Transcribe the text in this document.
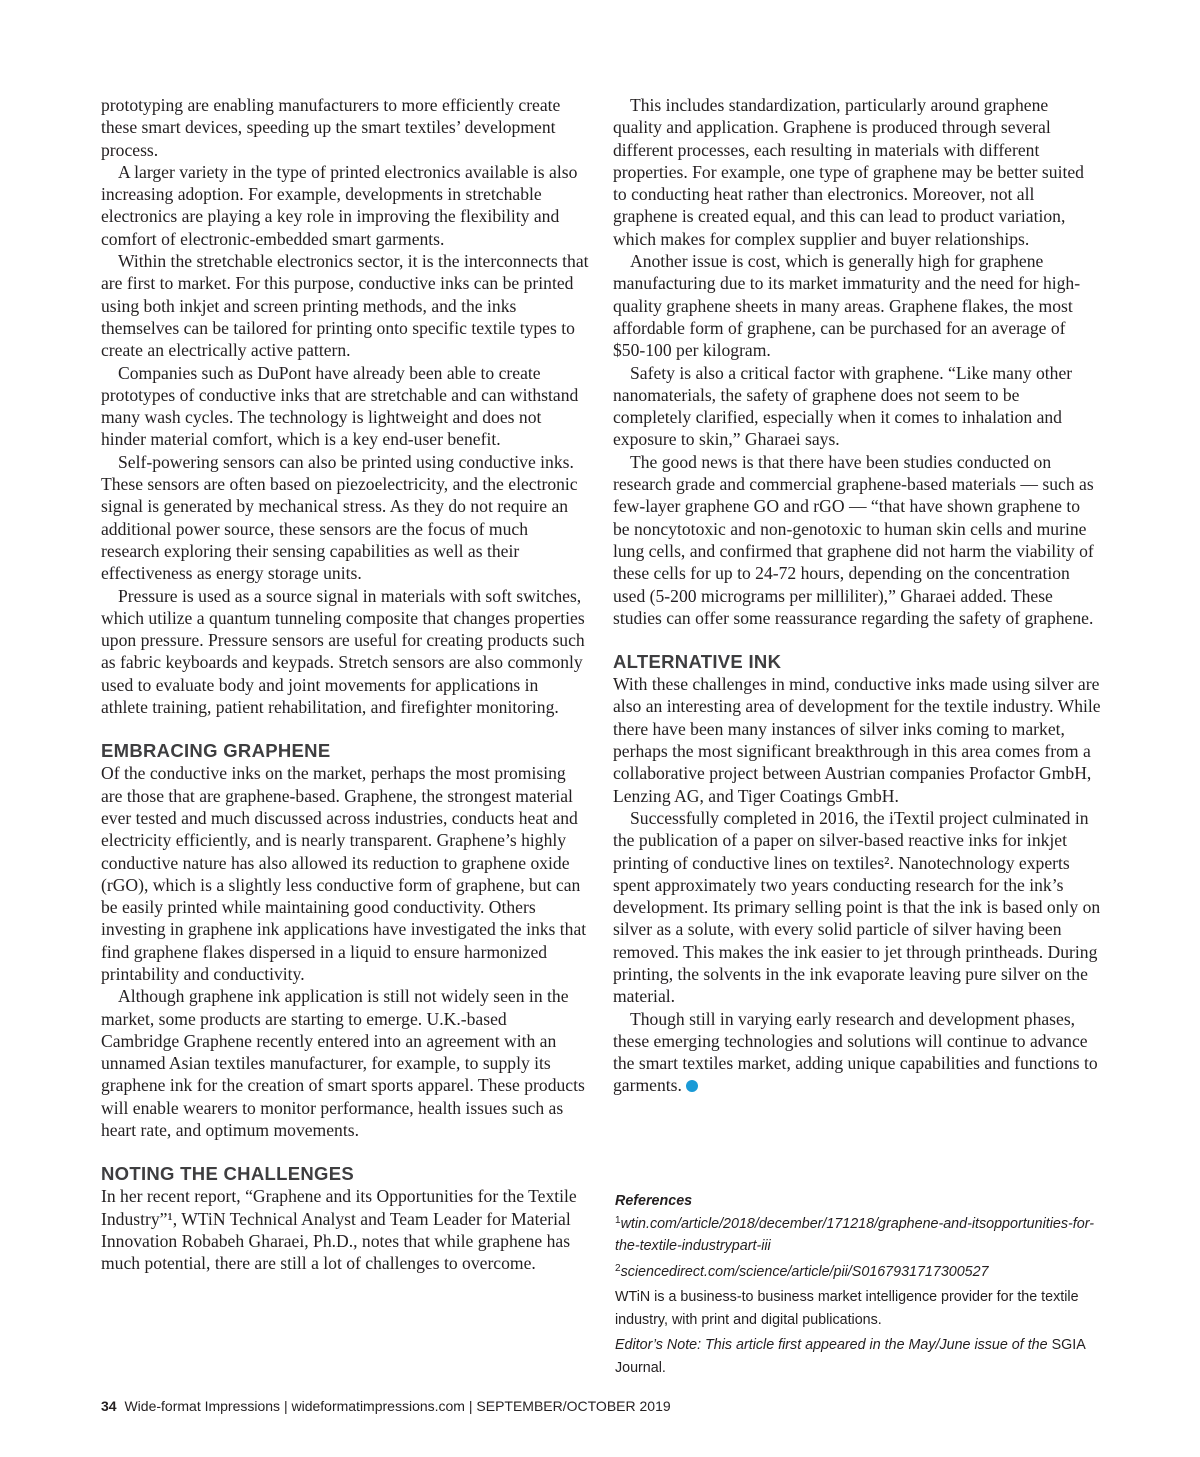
prototyping are enabling manufacturers to more efficiently create these smart devices, speeding up the smart textiles’ development process.

A larger variety in the type of printed electronics available is also increasing adoption. For example, developments in stretchable electronics are playing a key role in improving the flexibility and comfort of electronic-embedded smart garments.

Within the stretchable electronics sector, it is the interconnects that are first to market. For this purpose, conductive inks can be printed using both inkjet and screen printing methods, and the inks themselves can be tailored for printing onto specific textile types to create an electrically active pattern.

Companies such as DuPont have already been able to create prototypes of conductive inks that are stretchable and can withstand many wash cycles. The technology is lightweight and does not hinder material comfort, which is a key end-user benefit.

Self-powering sensors can also be printed using conductive inks. These sensors are often based on piezoelectricity, and the electronic signal is generated by mechanical stress. As they do not require an additional power source, these sensors are the focus of much research exploring their sensing capabilities as well as their effectiveness as energy storage units.

Pressure is used as a source signal in materials with soft switches, which utilize a quantum tunneling composite that changes properties upon pressure. Pressure sensors are useful for creating products such as fabric keyboards and keypads. Stretch sensors are also commonly used to evaluate body and joint movements for applications in athlete training, patient rehabilitation, and firefighter monitoring.

EMBRACING GRAPHENE

Of the conductive inks on the market, perhaps the most promising are those that are graphene-based. Graphene, the strongest material ever tested and much discussed across industries, conducts heat and electricity efficiently, and is nearly transparent. Graphene’s highly conductive nature has also allowed its reduction to graphene oxide (rGO), which is a slightly less conductive form of graphene, but can be easily printed while maintaining good conductivity. Others investing in graphene ink applications have investigated the inks that find graphene flakes dispersed in a liquid to ensure harmonized printability and conductivity.

Although graphene ink application is still not widely seen in the market, some products are starting to emerge. U.K.-based Cambridge Graphene recently entered into an agreement with an unnamed Asian textiles manufacturer, for example, to supply its graphene ink for the creation of smart sports apparel. These products will enable wearers to monitor performance, health issues such as heart rate, and optimum movements.

NOTING THE CHALLENGES

In her recent report, “Graphene and its Opportunities for the Textile Industry”¹, WTiN Technical Analyst and Team Leader for Material Innovation Robabeh Gharaei, Ph.D., notes that while graphene has much potential, there are still a lot of challenges to overcome.

This includes standardization, particularly around graphene quality and application. Graphene is produced through several different processes, each resulting in materials with different properties. For example, one type of graphene may be better suited to conducting heat rather than electronics. Moreover, not all graphene is created equal, and this can lead to product variation, which makes for complex supplier and buyer relationships.

Another issue is cost, which is generally high for graphene manufacturing due to its market immaturity and the need for high-quality graphene sheets in many areas. Graphene flakes, the most affordable form of graphene, can be purchased for an average of $50-100 per kilogram.

Safety is also a critical factor with graphene. “Like many other nanomaterials, the safety of graphene does not seem to be completely clarified, especially when it comes to inhalation and exposure to skin,” Gharaei says.

The good news is that there have been studies conducted on research grade and commercial graphene-based materials — such as few-layer graphene GO and rGO — “that have shown graphene to be noncytotoxic and non-genotoxic to human skin cells and murine lung cells, and confirmed that graphene did not harm the viability of these cells for up to 24-72 hours, depending on the concentration used (5-200 micrograms per milliliter),” Gharaei added. These studies can offer some reassurance regarding the safety of graphene.

ALTERNATIVE INK

With these challenges in mind, conductive inks made using silver are also an interesting area of development for the textile industry. While there have been many instances of silver inks coming to market, perhaps the most significant breakthrough in this area comes from a collaborative project between Austrian companies Profactor GmbH, Lenzing AG, and Tiger Coatings GmbH.

Successfully completed in 2016, the iTextil project culminated in the publication of a paper on silver-based reactive inks for inkjet printing of conductive lines on textiles². Nanotechnology experts spent approximately two years conducting research for the ink’s development. Its primary selling point is that the ink is based only on silver as a solute, with every solid particle of silver having been removed. This makes the ink easier to jet through printheads. During printing, the solvents in the ink evaporate leaving pure silver on the material.

Though still in varying early research and development phases, these emerging technologies and solutions will continue to advance the smart textiles market, adding unique capabilities and functions to garments.

References

$^1$wtin.com/article/2018/december/171218/graphene-and-itsopportunities-for-the-textile-industrypart-iii

$^2$sciencedirect.com/science/article/pii/S0167931717300527

WTiN is a business-to business market intelligence provider for the textile industry, with print and digital publications.

Editor’s Note: This article first appeared in the May/June issue of the SGIA Journal.

34 Wide-format Impressions | wideformatimpressions.com | SEPTEMBER/OCTOBER 2019
